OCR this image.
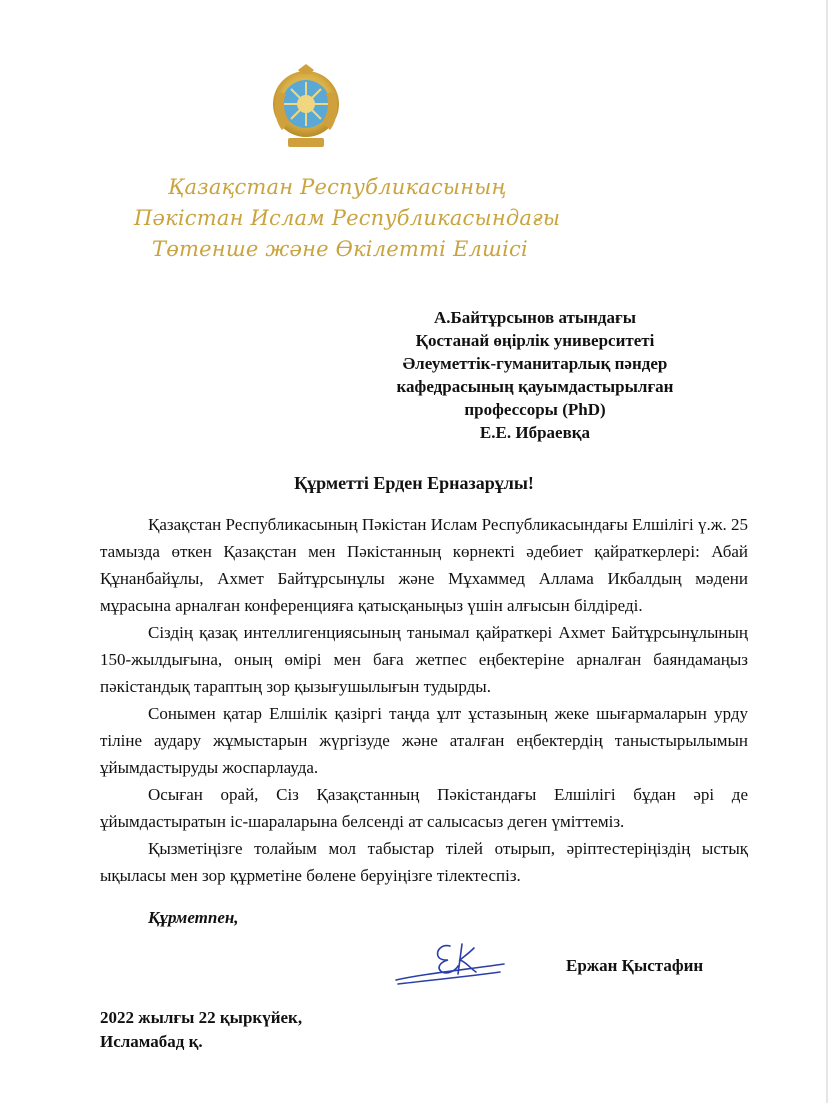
Қазақстан Республикасының
Пәкістан Ислам Республикасындағы
Төтенше және Өкілетті Елшісі
А.Байтұрсынов атындағы
Қостанай өңірлік университеті
Әлеуметтік-гуманитарлық пәндер
кафедрасының қауымдастырылған
профессоры (PhD)
Е.Е. Ибраевқа
Құрметті Ерден Ерназарұлы!

Қазақстан Республикасының Пәкістан Ислам Республикасындағы Елшілігі ү.ж. 25 тамызда өткен Қазақстан мен Пәкістанның көрнекті әдебиет қайраткерлері: Абай Құнанбайұлы, Ахмет Байтұрсынұлы және Мұхаммед Аллама Икбалдың мәдени мұрасына арналған конференцияға қатысқаныңыз үшін алғысын білдіреді.

Сіздің қазақ интеллигенциясының танымал қайраткері Ахмет Байтұрсынұлының 150-жылдығына, оның өмірі мен баға жетпес еңбектеріне арналған баяндамаңыз пәкістандық тараптың зор қызығушылығын тудырды.

Сонымен қатар Елшілік қазіргі таңда ұлт ұстазының жеке шығармаларын урду тіліне аудару жұмыстарын жүргізуде және аталған еңбектердің таныстырылымын ұйымдастыруды жоспарлауда.

Осыған орай, Сіз Қазақстанның Пәкістандағы Елшілігі бұдан әрі де ұйымдастыратын іс-шараларына белсенді ат салысасыз деген үміттеміз.

Қызметіңізге толайым мол табыстар тілей отырып, әріптестеріңіздің ыстық ықыласы мен зор құрметіне бөлене беруіңізге тілектеспіз.

Құрметпен,
Ержан Қыстафин
2022 жылғы 22 қыркүйек,
Исламабад қ.
